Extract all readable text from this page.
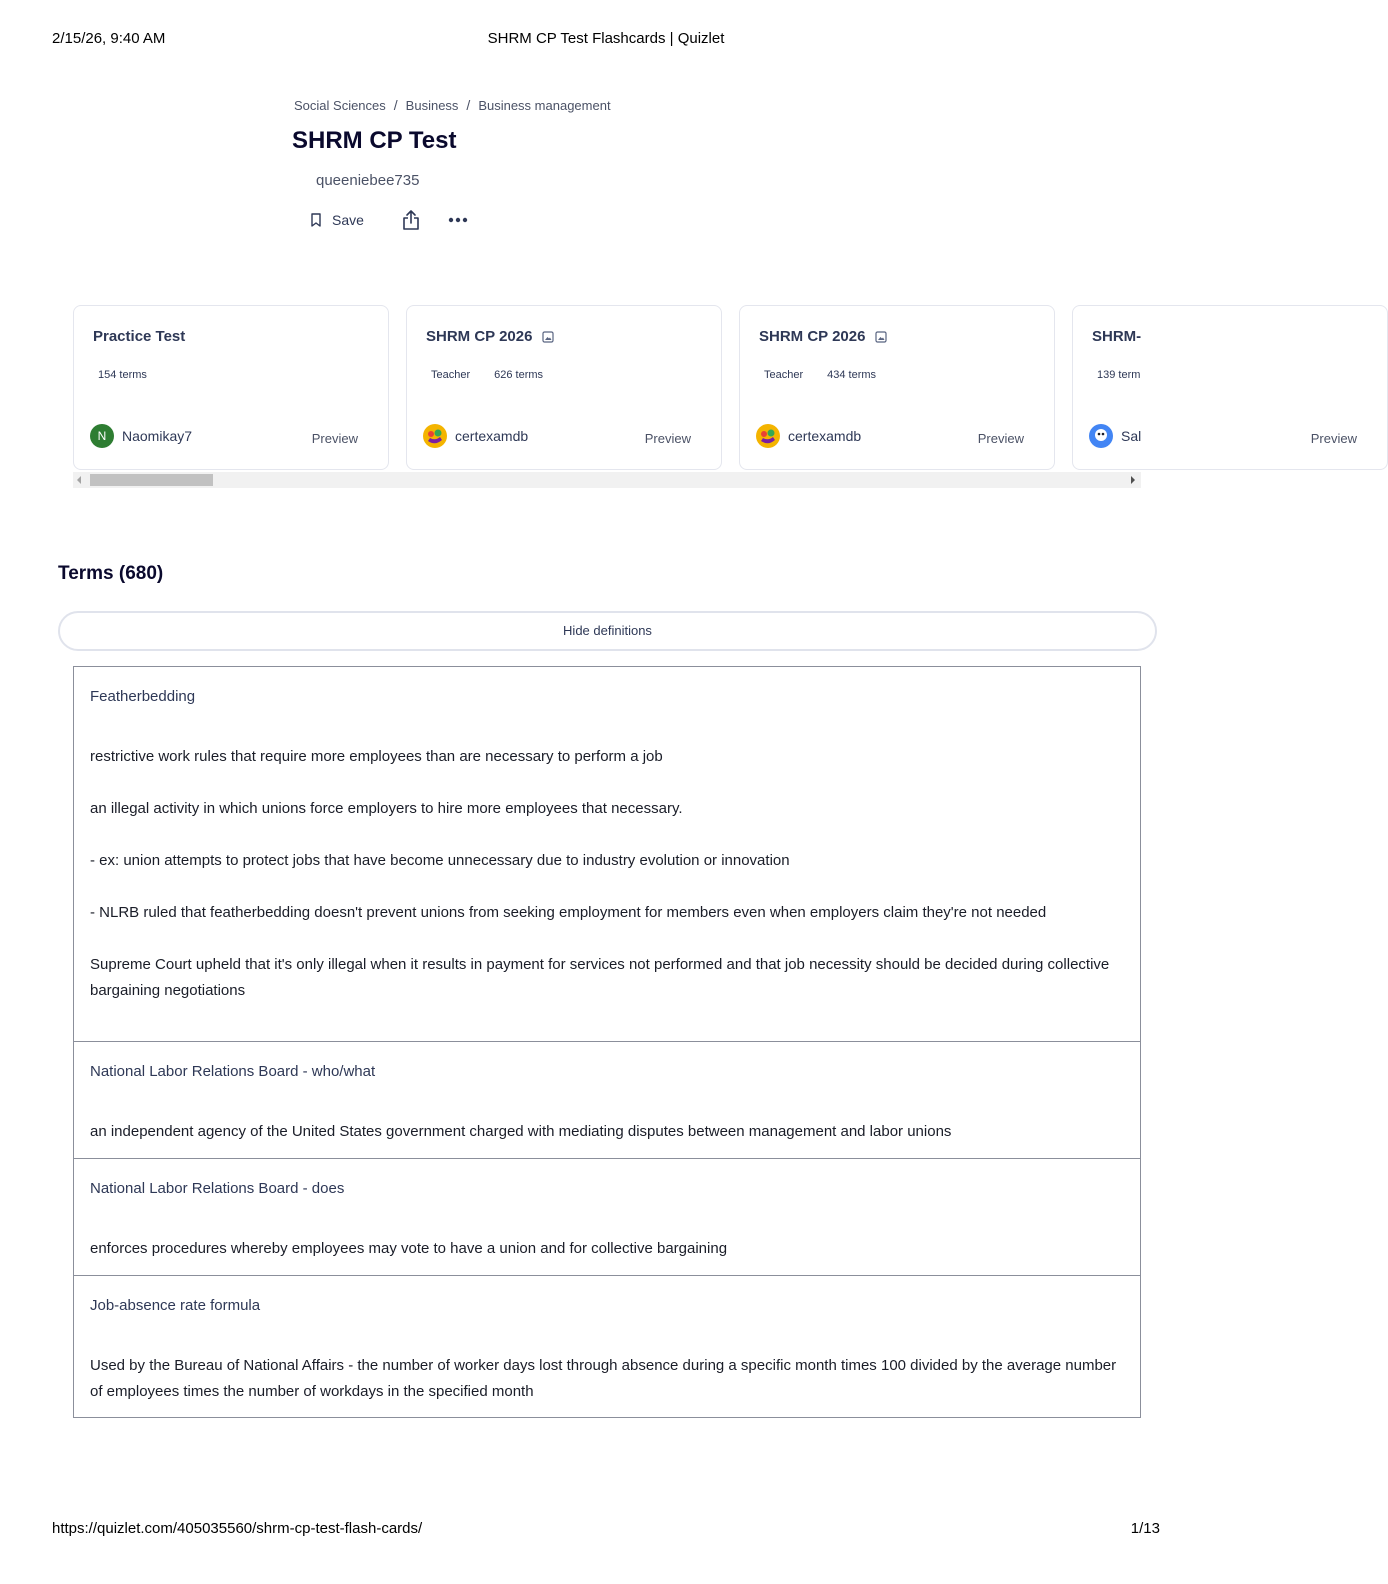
2/15/26, 9:40 AM	SHRM CP Test Flashcards | Quizlet
Social Sciences / Business / Business management
SHRM CP Test
queeniebee735
Save
Practice Test
154 terms
N	Naomikay7	Preview
SHRM CP 2026
Teacher 626 terms
certexamdb	Preview
SHRM CP 2026
Teacher 434 terms
certexamdb	Preview
SHRM-
139 term
Sal	Preview
Terms (680)
Hide definitions
Featherbedding

restrictive work rules that require more employees than are necessary to perform a job

an illegal activity in which unions force employers to hire more employees that necessary.

- ex: union attempts to protect jobs that have become unnecessary due to industry evolution or innovation

- NLRB ruled that featherbedding doesn't prevent unions from seeking employment for members even when employers claim they're not needed

Supreme Court upheld that it's only illegal when it results in payment for services not performed and that job necessity should be decided during collective bargaining negotiations

National Labor Relations Board - who/what

an independent agency of the United States government charged with mediating disputes between management and labor unions

National Labor Relations Board - does

enforces procedures whereby employees may vote to have a union and for collective bargaining

Job-absence rate formula

Used by the Bureau of National Affairs - the number of worker days lost through absence during a specific month times 100 divided by the average number of employees times the number of workdays in the specified month

https://quizlet.com/405035560/shrm-cp-test-flash-cards/	1/13
